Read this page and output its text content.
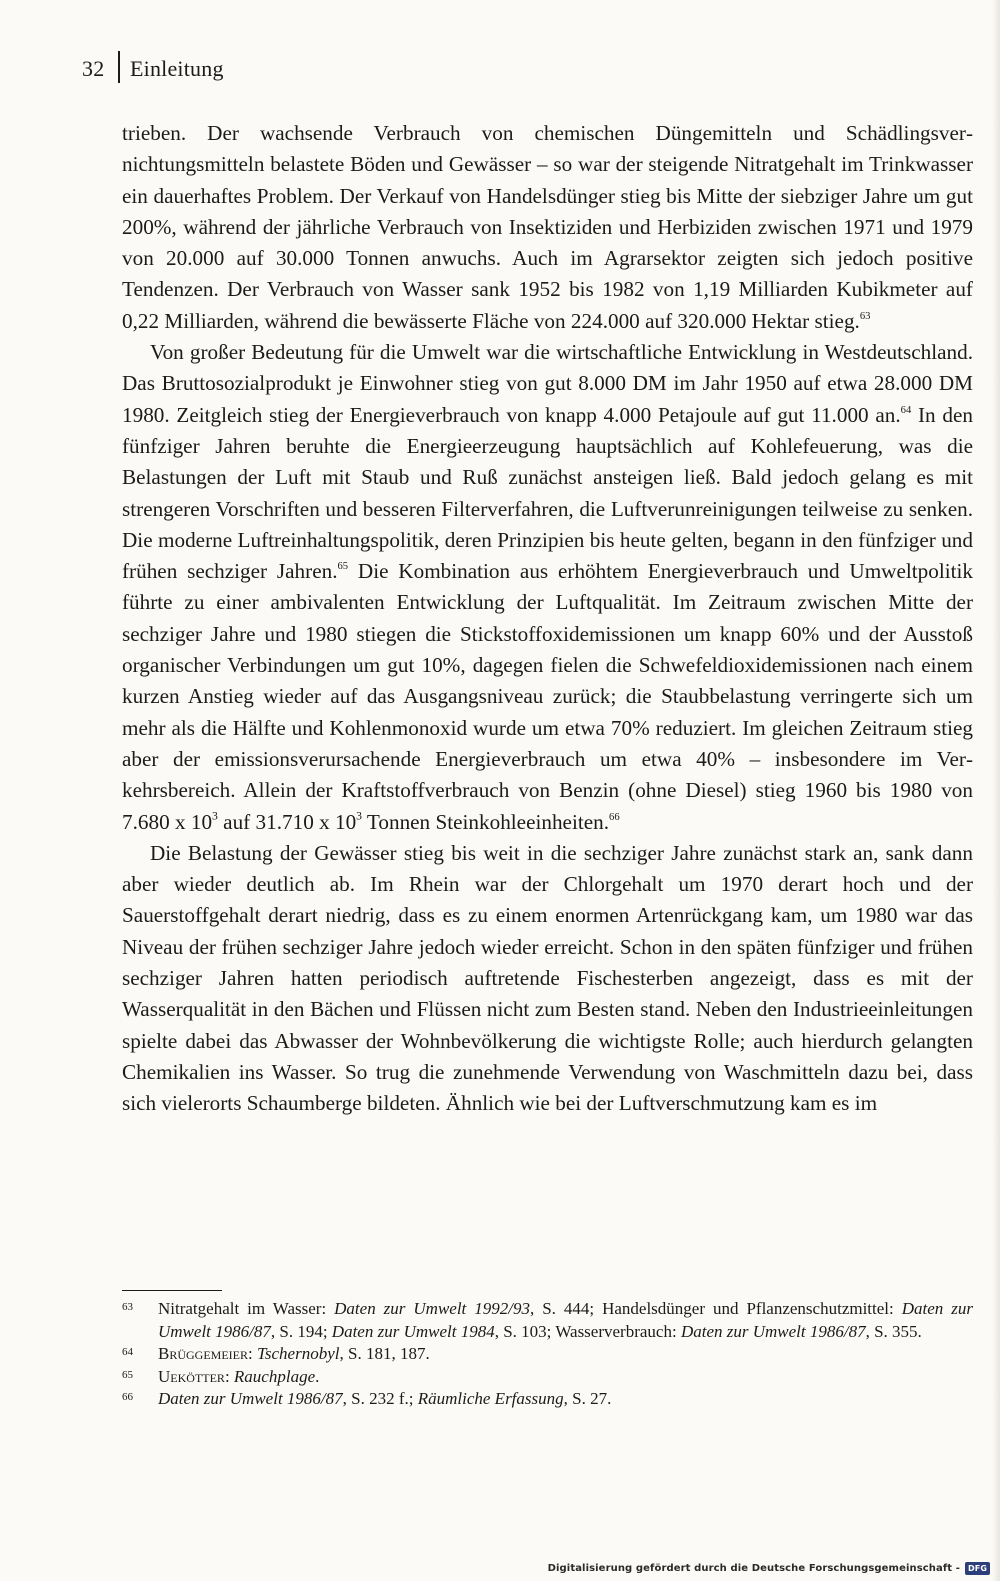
32 Einleitung

trieben. Der wachsende Verbrauch von chemischen Düngemitteln und Schädlingsvernichtungsmitteln belastete Böden und Gewässer – so war der steigende Nitratgehalt im Trinkwasser ein dauerhaftes Problem. Der Verkauf von Handelsdünger stieg bis Mitte der siebziger Jahre um gut 200%, während der jährliche Verbrauch von Insektiziden und Herbiziden zwischen 1971 und 1979 von 20.000 auf 30.000 Tonnen anwuchs. Auch im Agrarsektor zeigten sich jedoch positive Tendenzen. Der Verbrauch von Wasser sank 1952 bis 1982 von 1,19 Milliarden Kubikmeter auf 0,22 Milliarden, während die bewässerte Fläche von 224.000 auf 320.000 Hektar stieg.$^{63}$

Von großer Bedeutung für die Umwelt war die wirtschaftliche Entwicklung in Westdeutschland. Das Bruttosozialprodukt je Einwohner stieg von gut 8.000 DM im Jahr 1950 auf etwa 28.000 DM 1980. Zeitgleich stieg der Energieverbrauch von knapp 4.000 Petajoule auf gut 11.000 an.$^{64}$ In den fünfziger Jahren beruhte die Energieerzeugung hauptsächlich auf Kohlefeuerung, was die Belastungen der Luft mit Staub und Ruß zunächst ansteigen ließ. Bald jedoch gelang es mit strengeren Vorschriften und besseren Filterverfahren, die Luftverunreinigungen teilweise zu senken. Die moderne Luftreinhaltungspolitik, deren Prinzipien bis heute gelten, begann in den fünfziger und frühen sechziger Jahren.$^{65}$ Die Kombination aus erhöhtem Energieverbrauch und Umweltpolitik führte zu einer ambivalenten Entwicklung der Luftqualität. Im Zeitraum zwischen Mitte der sechziger Jahre und 1980 stiegen die Stickstoffoxidemissionen um knapp 60% und der Ausstoß organischer Verbindungen um gut 10%, dagegen fielen die Schwefeldioxidemissionen nach einem kurzen Anstieg wieder auf das Ausgangsniveau zurück; die Staubbelastung verringerte sich um mehr als die Hälfte und Kohlenmonoxid wurde um etwa 70% reduziert. Im gleichen Zeitraum stieg aber der emissionsverursachende Energieverbrauch um etwa 40% – insbesondere im Verkehrsbereich. Allein der Kraftstoffverbrauch von Benzin (ohne Diesel) stieg 1960 bis 1980 von 7.680 x $10^3$ auf 31.710 x $10^3$ Tonnen Steinkohleeinheiten.$^{66}$

Die Belastung der Gewässer stieg bis weit in die sechziger Jahre zunächst stark an, sank dann aber wieder deutlich ab. Im Rhein war der Chlorgehalt um 1970 derart hoch und der Sauerstoffgehalt derart niedrig, dass es zu einem enormen Artenrückgang kam, um 1980 war das Niveau der frühen sechziger Jahre jedoch wieder erreicht. Schon in den späten fünfziger und frühen sechziger Jahren hatten periodisch auftretende Fischesterben angezeigt, dass es mit der Wasserqualität in den Bächen und Flüssen nicht zum Besten stand. Neben den Industrieeinleitungen spielte dabei das Abwasser der Wohnbevölkerung die wichtigste Rolle; auch hierdurch gelangten Chemikalien ins Wasser. So trug die zunehmende Verwendung von Waschmitteln dazu bei, dass sich vielerorts Schaumberge bildeten. Ähnlich wie bei der Luftverschmutzung kam es im

63	Nitratgehalt im Wasser: Daten zur Umwelt 1992/93, S. 444; Handelsdünger und Pflanzenschutzmittel: Daten zur Umwelt 1986/87, S. 194; Daten zur Umwelt 1984, S. 103; Wasserverbrauch: Daten zur Umwelt 1986/87, S. 355.
64	Brüggemeier: Tschernobyl, S. 181, 187.
65	Uekötter: Rauchplage.
66	Daten zur Umwelt 1986/87, S. 232 f.; Räumliche Erfassung, S. 27.
Digitalisierung gefördert durch die Deutsche Forschungsgemeinschaft -	DFG
